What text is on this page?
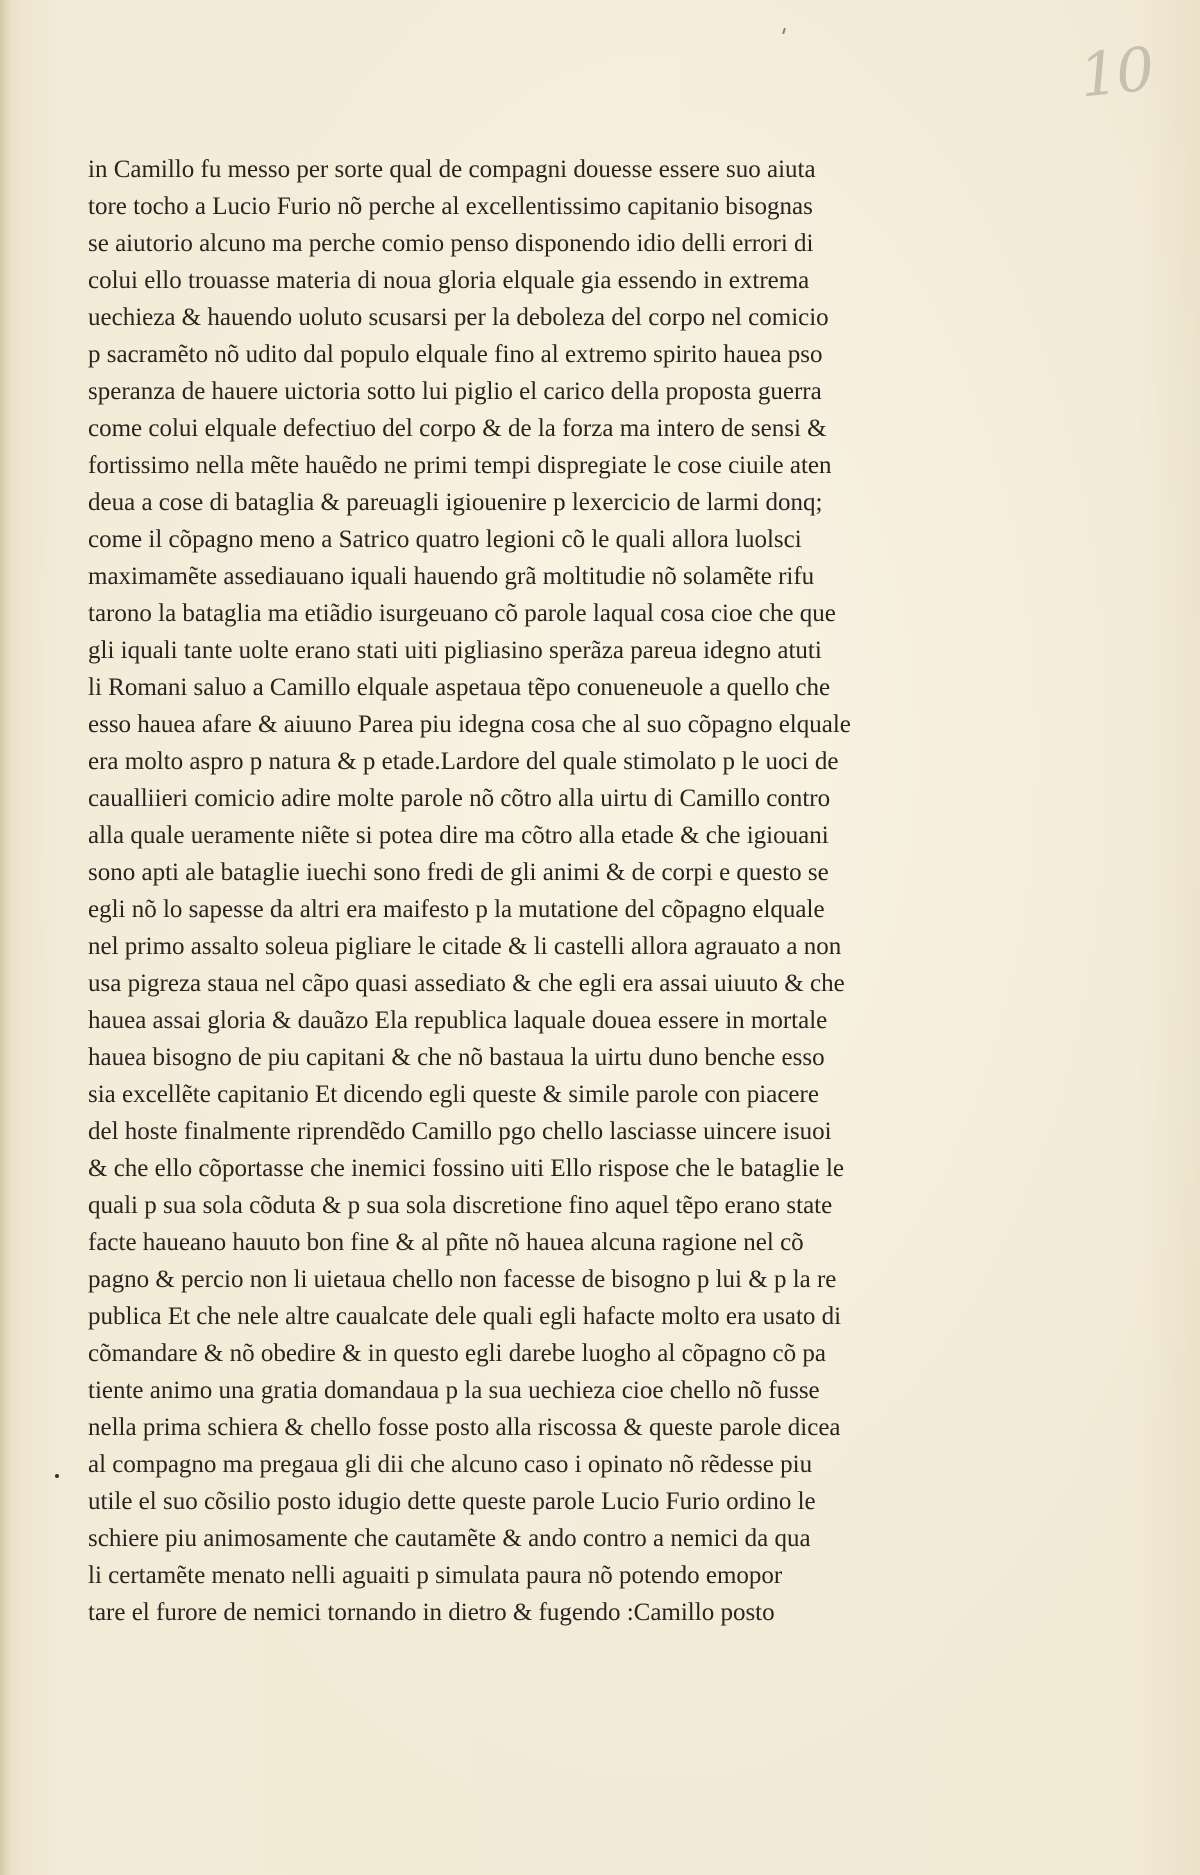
10
in Camillo fu messo per sorte qual de compagni douesse essere suo aiuta
tore tocho a Lucio Furio nõ perche al excellentissimo capitanio bisognas
se aiutorio alcuno ma perche comio penso disponendo idio delli errori di
colui ello trouasse materia di noua gloria elquale gia essendo in extrema
uechieza & hauendo uoluto scusarsi per la deboleza del corpo nel comicio
p sacramẽto nõ udito dal populo elquale fino al extremo spirito hauea pso
speranza de hauere uictoria sotto lui piglio el carico della proposta guerra
come colui elquale defectiuo del corpo & de la forza ma intero de sensi &
fortissimo nella mẽte hauẽdo ne primi tempi dispregiate le cose ciuile aten
deua a cose di bataglia & pareuagli igiouenire p lexercicio de larmi donq;
come il cõpagno meno a Satrico quatro legioni cõ le quali allora luolsci
maximamẽte assediauano iquali hauendo grã moltitudie nõ solamẽte rifu
tarono la bataglia ma etiãdio isurgeuano cõ parole laqual cosa cioe che que
gli iquali tante uolte erano stati uiti pigliasino sperãza pareua idegno atuti
li Romani saluo a Camillo elquale aspetaua tẽpo conueneuole a quello che
esso hauea afare & aiuuno Parea piu idegna cosa che al suo cõpagno elquale
era molto aspro p natura & p etade.Lardore del quale stimolato p le uoci de
caualliieri comicio adire molte parole nõ cõtro alla uirtu di Camillo contro
alla quale ueramente niẽte si potea dire ma cõtro alla etade & che igiouani
sono apti ale bataglie iuechi sono fredi de gli animi & de corpi e questo se
egli nõ lo sapesse da altri era maifesto p la mutatione del cõpagno elquale
nel primo assalto soleua pigliare le citade & li castelli allora agrauato a non
usa pigreza staua nel cãpo quasi assediato & che egli era assai uiuuto & che
hauea assai gloria & dauãzo Ela republica laquale douea essere in mortale
hauea bisogno de piu capitani & che nõ bastaua la uirtu duno benche esso
sia excellẽte capitanio Et dicendo egli queste & simile parole con piacere
del hoste finalmente riprendẽdo Camillo pgo chello lasciasse uincere isuoi
& che ello cõportasse che inemici fossino uiti Ello rispose che le bataglie le
quali p sua sola cõduta & p sua sola discretione fino aquel tẽpo erano state
facte haueano hauuto bon fine & al pñte nõ hauea alcuna ragione nel cõ
pagno & percio non li uietaua chello non facesse de bisogno p lui & p la re
publica Et che nele altre caualcate dele quali egli hafacte molto era usato di
cõmandare & nõ obedire & in questo egli darebe luogho al cõpagno cõ pa
tiente animo una gratia domandaua p la sua uechieza cioe chello nõ fusse
nella prima schiera & chello fosse posto alla riscossa & queste parole dicea
al compagno ma pregaua gli dii che alcuno caso i opinato nõ rẽdesse piu
utile el suo cõsilio posto idugio dette queste parole Lucio Furio ordino le
schiere piu animosamente che cautamẽte & ando contro a nemici da qua
li certamẽte menato nelli aguaiti p simulata paura nõ potendo emopor
tare el furore de nemici tornando in dietro & fugendo :Camillo posto
